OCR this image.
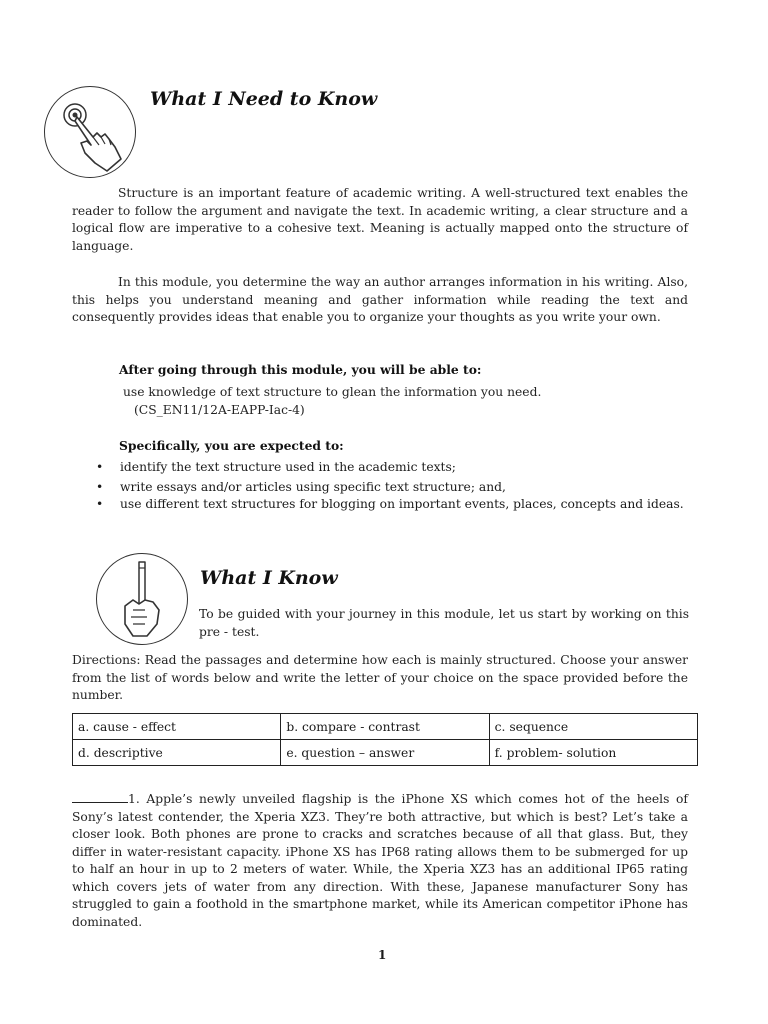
What I Need to Know
Structure is an important feature of academic writing. A well-structured text enables the reader to follow the argument and navigate the text. In academic writing, a clear structure and a logical flow are imperative to a cohesive text. Meaning is actually mapped onto the structure of language.
In this module, you determine the way an author arranges information in his writing. Also, this helps you understand meaning and gather information while reading the text and consequently provides ideas that enable you to organize your thoughts as you write your own.
After going through this module, you will be able to:
use knowledge of text structure to glean the information you need.
(CS_EN11/12A-EAPP-Iac-4)
Specifically, you are expected to:
• identify the text structure used in the academic texts;
• write essays and/or articles using specific text structure; and,
• use different text structures for blogging on important events, places, concepts and ideas.
What I Know
To be guided with your journey in this module, let us start by working on this pre - test.
Directions: Read the passages and determine how each is mainly structured. Choose your answer from the list of words below and write the letter of your choice on the space provided before the number.
a. cause - effect	b. compare - contrast	c. sequence
d. descriptive	e. question – answer	f. problem- solution
1. Apple’s newly unveiled flagship is the iPhone XS which comes hot of the heels of Sony’s latest contender, the Xperia XZ3. They’re both attractive, but which is best? Let’s take a closer look. Both phones are prone to cracks and scratches because of all that glass. But, they differ in water-resistant capacity. iPhone XS has IP68 rating allows them to be submerged for up to half an hour in up to 2 meters of water. While, the Xperia XZ3 has an additional IP65 rating which covers jets of water from any direction. With these, Japanese manufacturer Sony has struggled to gain a foothold in the smartphone market, while its American competitor iPhone has dominated.
1
